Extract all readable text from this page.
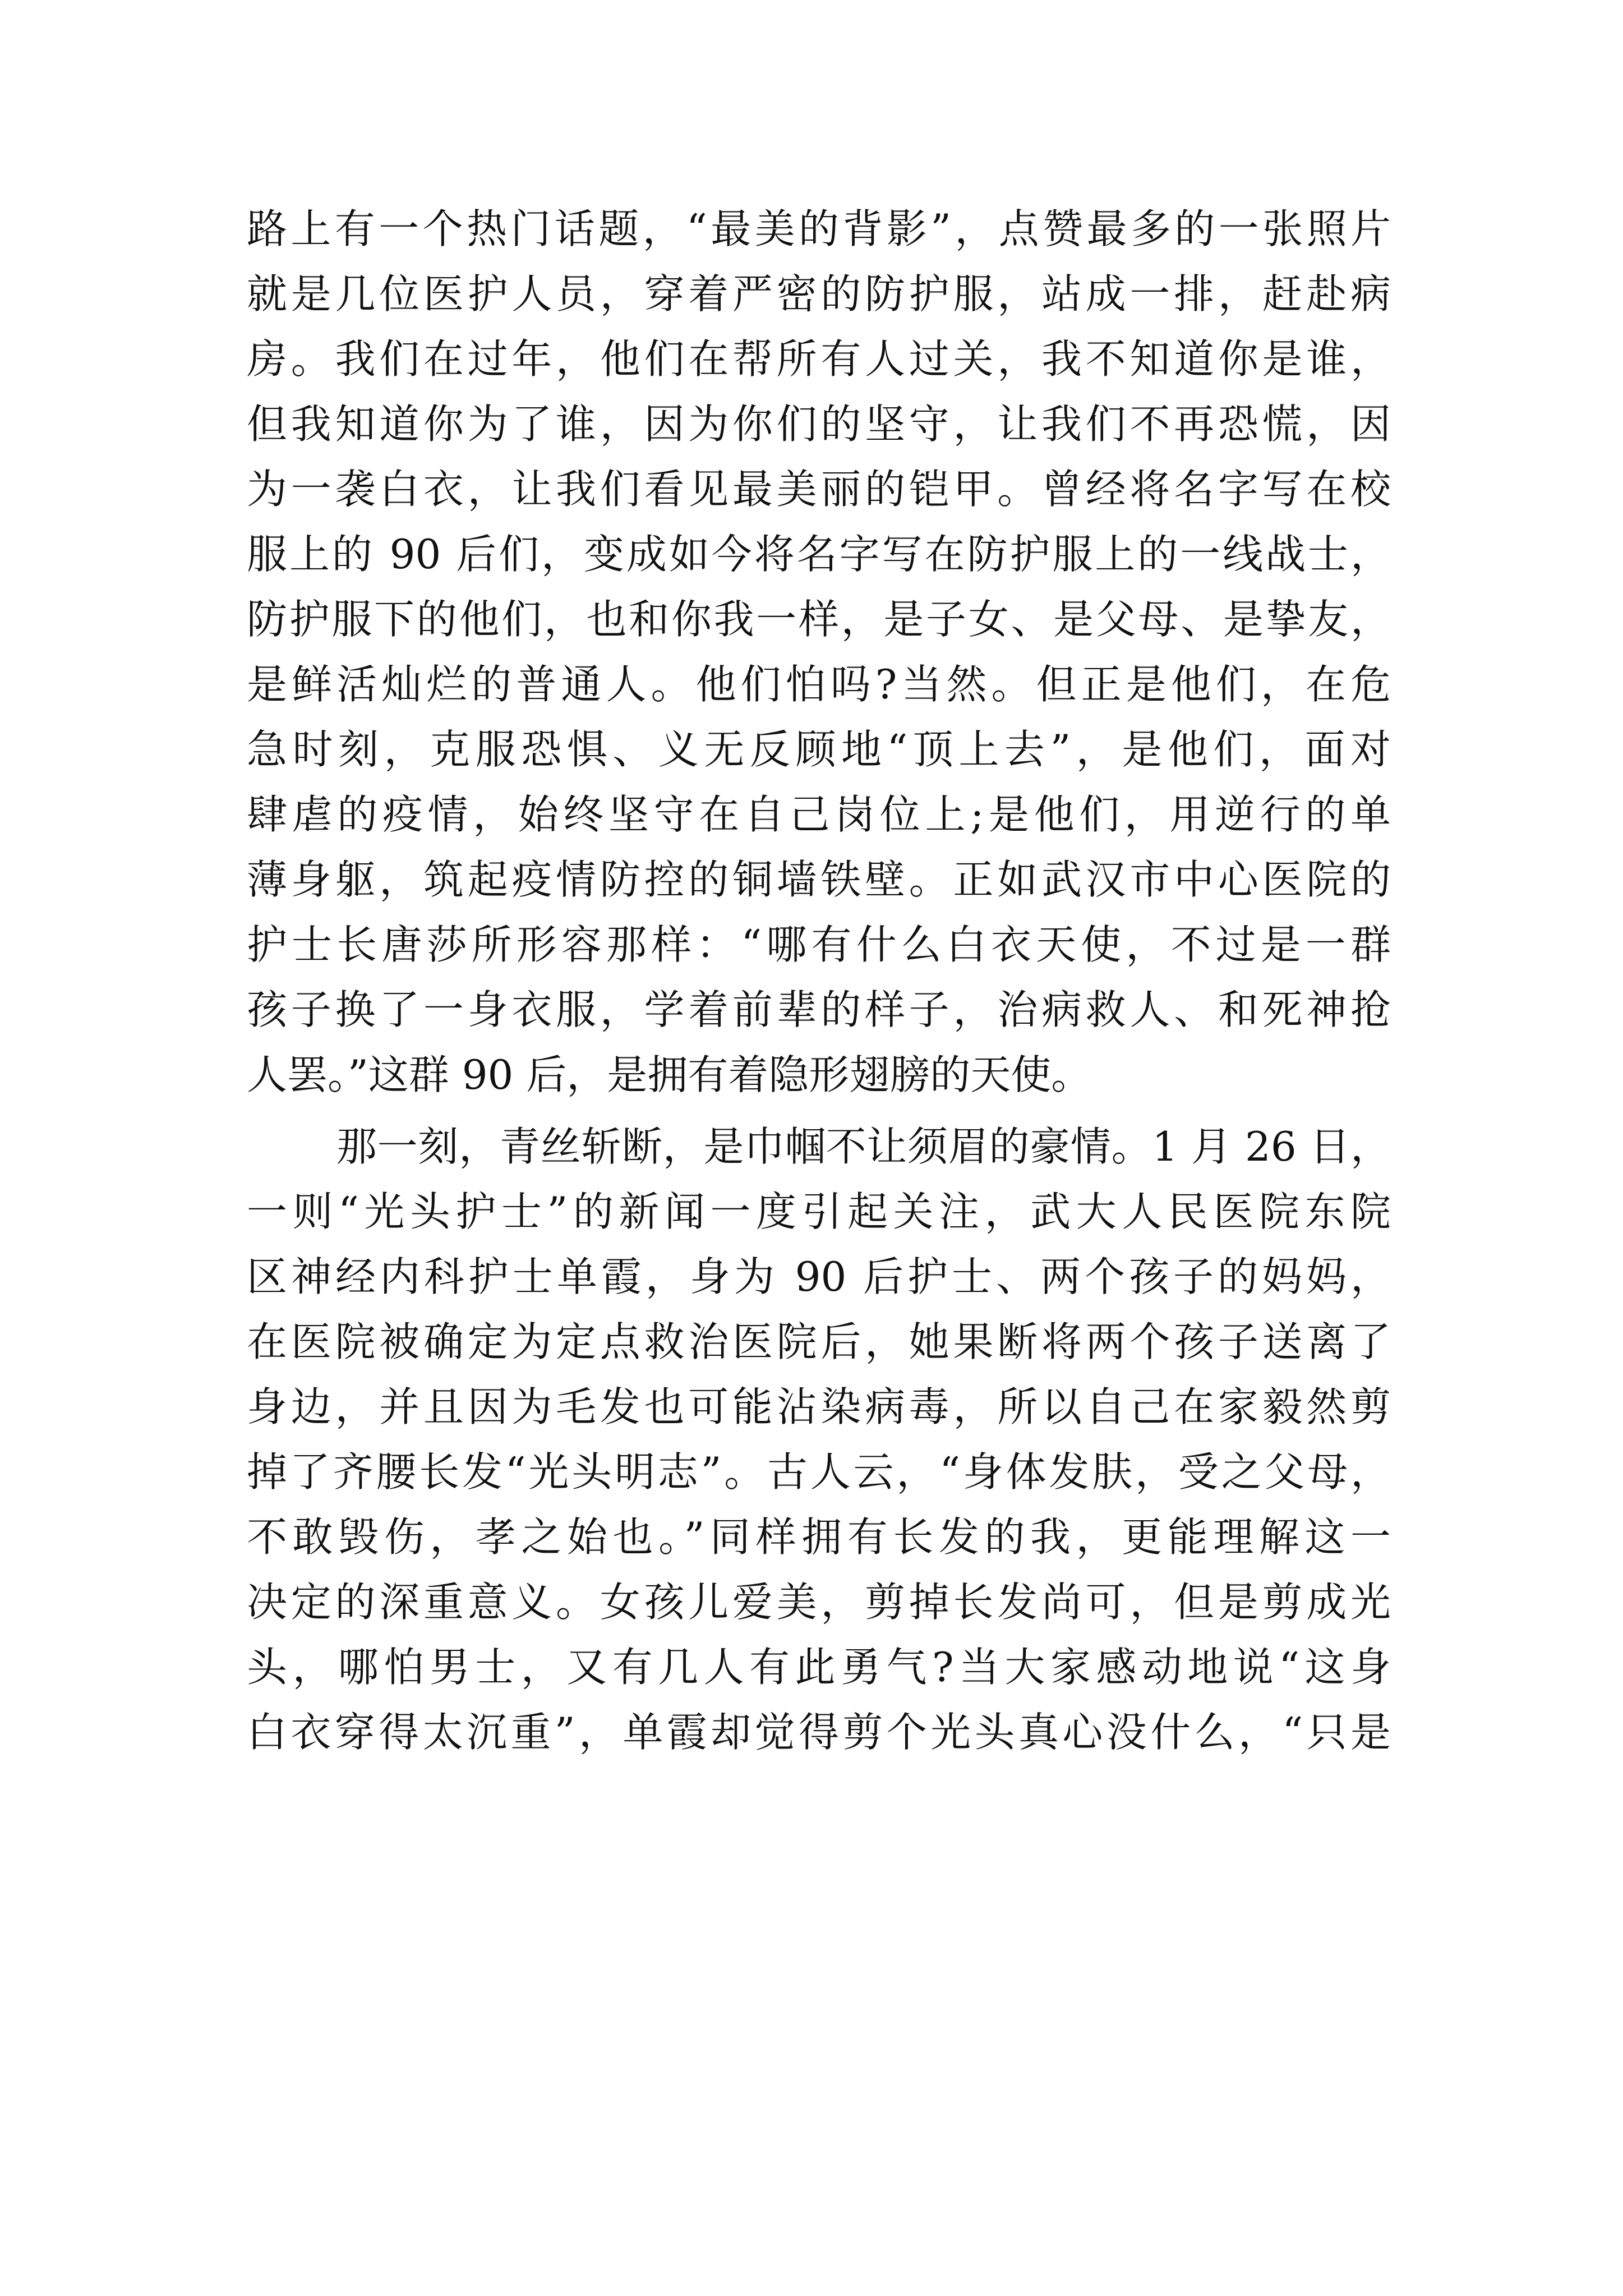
路上有一个热门话题，“最美的背影”，点赞最多的一张照片
就是几位医护人员，穿着严密的防护服，站成一排，赶赴病
房。我们在过年，他们在帮所有人过关，我不知道你是谁，
但我知道你为了谁，因为你们的坚守，让我们不再恐慌，因
为一袭白衣，让我们看见最美丽的铠甲。曾经将名字写在校
服上的 90 后们，变成如今将名字写在防护服上的一线战士，
防护服下的他们，也和你我一样，是子女、是父母、是挚友，
是鲜活灿烂的普通人。他们怕吗?当然。但正是他们，在危
急时刻，克服恐惧、义无反顾地“顶上去”，是他们，面对
肆虐的疫情，始终坚守在自己岗位上;是他们，用逆行的单
薄身躯，筑起疫情防控的铜墙铁壁。正如武汉市中心医院的
护士长唐莎所形容那样：“哪有什么白衣天使，不过是一群
孩子换了一身衣服，学着前辈的样子，治病救人、和死神抢
人罢。”这群 90 后，是拥有着隐形翅膀的天使。
那一刻，青丝斩断，是巾帼不让须眉的豪情。1 月 26 日，
一则“光头护士”的新闻一度引起关注，武大人民医院东院
区神经内科护士单霞，身为 90 后护士、两个孩子的妈妈，
在医院被确定为定点救治医院后，她果断将两个孩子送离了
身边，并且因为毛发也可能沾染病毒，所以自己在家毅然剪
掉了齐腰长发“光头明志”。古人云，“身体发肤，受之父母，
不敢毁伤，孝之始也。”同样拥有长发的我，更能理解这一
决定的深重意义。女孩儿爱美，剪掉长发尚可，但是剪成光
头，哪怕男士，又有几人有此勇气?当大家感动地说“这身
白衣穿得太沉重”，单霞却觉得剪个光头真心没什么，“只是
